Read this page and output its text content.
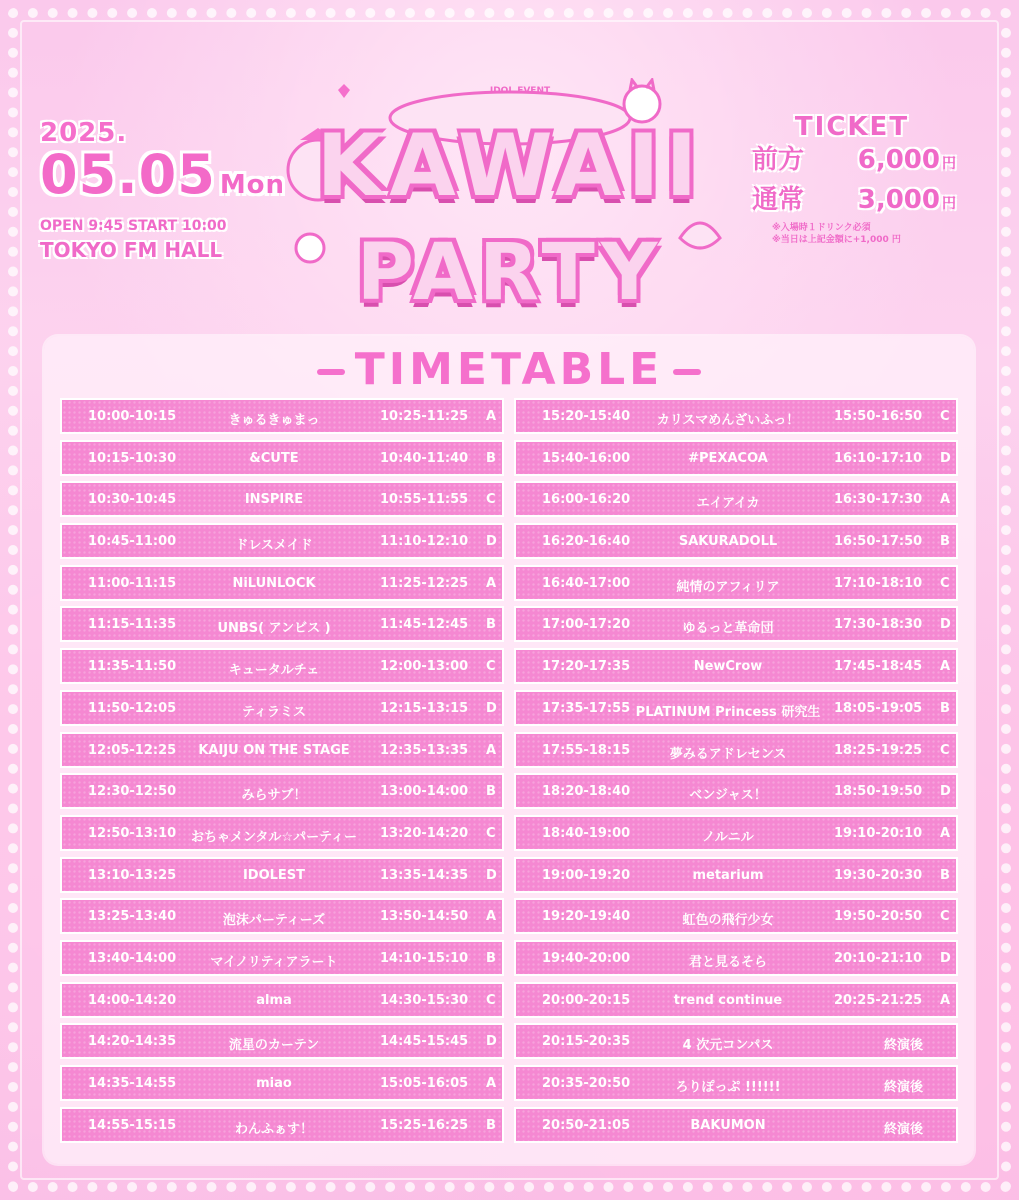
2025.
05.05 Mon
OPEN 9:45 START 10:00
TOKYO FM HALL
IDOL EVENT
KAWAII
PARTY
TICKET
前方	6,000 円
通常	3,000 円
※入場時１ドリンク必須
※当日は上記金額に+1,000 円
TIMETABLE
10:00-10:15	きゅるきゅまっ	10:25-11:25 A
10:15-10:30	&CUTE	10:40-11:40 B
10:30-10:45	INSPIRE	10:55-11:55 C
10:45-11:00	ドレスメイド	11:10-12:10 D
11:00-11:15	NiLUNLOCK	11:25-12:25 A
11:15-11:35	UNBS( アンビス )	11:45-12:45 B
11:35-11:50	キュータルチェ	12:00-13:00 C
11:50-12:05	ティラミス	12:15-13:15 D
12:05-12:25	KAIJU ON THE STAGE	12:35-13:35 A
12:30-12:50	みらサブ！	13:00-14:00 B
12:50-13:10	おちゃメンタル☆パーティー	13:20-14:20 C
13:10-13:25	IDOLEST	13:35-14:35 D
13:25-13:40	泡沫パーティーズ	13:50-14:50 A
13:40-14:00	マイノリティアラート	14:10-15:10 B
14:00-14:20	alma	14:30-15:30 C
14:20-14:35	流星のカーテン	14:45-15:45 D
14:35-14:55	miao	15:05-16:05 A
14:55-15:15	わんふぁす！	15:25-16:25 B
15:20-15:40	カリスマめんざいふっ！	15:50-16:50 C
15:40-16:00	#PEXACOA	16:10-17:10 D
16:00-16:20	エイアイカ	16:30-17:30 A
16:20-16:40	SAKURADOLL	16:50-17:50 B
16:40-17:00	純情のアフィリア	17:10-18:10 C
17:00-17:20	ゆるっと革命団	17:30-18:30 D
17:20-17:35	NewCrow	17:45-18:45 A
17:35-17:55 PLATINUM Princess 研究生	18:05-19:05 B
17:55-18:15	夢みるアドレセンス	18:25-19:25 C
18:20-18:40	ベンジャス！	18:50-19:50 D
18:40-19:00	ノルニル	19:10-20:10 A
19:00-19:20	metarium	19:30-20:30 B
19:20-19:40	虹色の飛行少女	19:50-20:50 C
19:40-20:00	君と見るそら	20:10-21:10 D
20:00-20:15	trend continue	20:25-21:25 A
20:15-20:35	4 次元コンパス	終演後
20:35-20:50	ろりぽっぷ !!!!!!	終演後
20:50-21:05	BAKUMON	終演後
